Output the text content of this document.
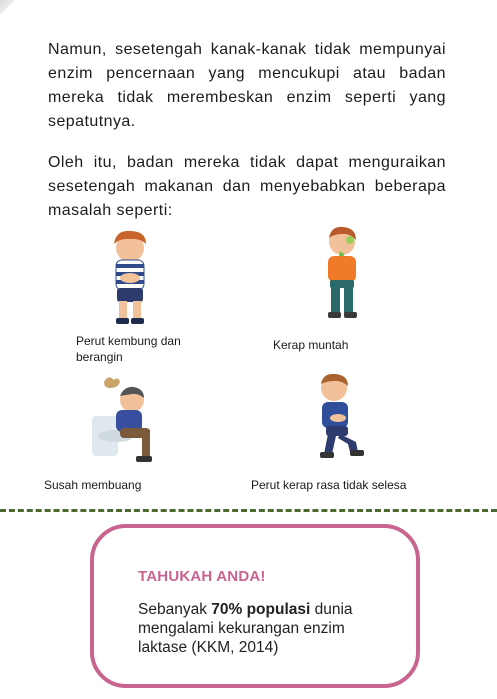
Namun, sesetengah kanak-kanak tidak mempunyai enzim pencernaan yang mencukupi atau badan mereka tidak merembeskan enzim seperti yang sepatutnya.

Oleh itu, badan mereka tidak dapat menguraikan sesetengah makanan dan menyebabkan beberapa masalah seperti:

Perut kembung dan berangin

Kerap muntah

Susah membuang	Perut kerap rasa tidak selesa

TAHUKAH ANDA!

Sebanyak 70% populasi dunia mengalami kekurangan enzim laktase (KKM, 2014)
